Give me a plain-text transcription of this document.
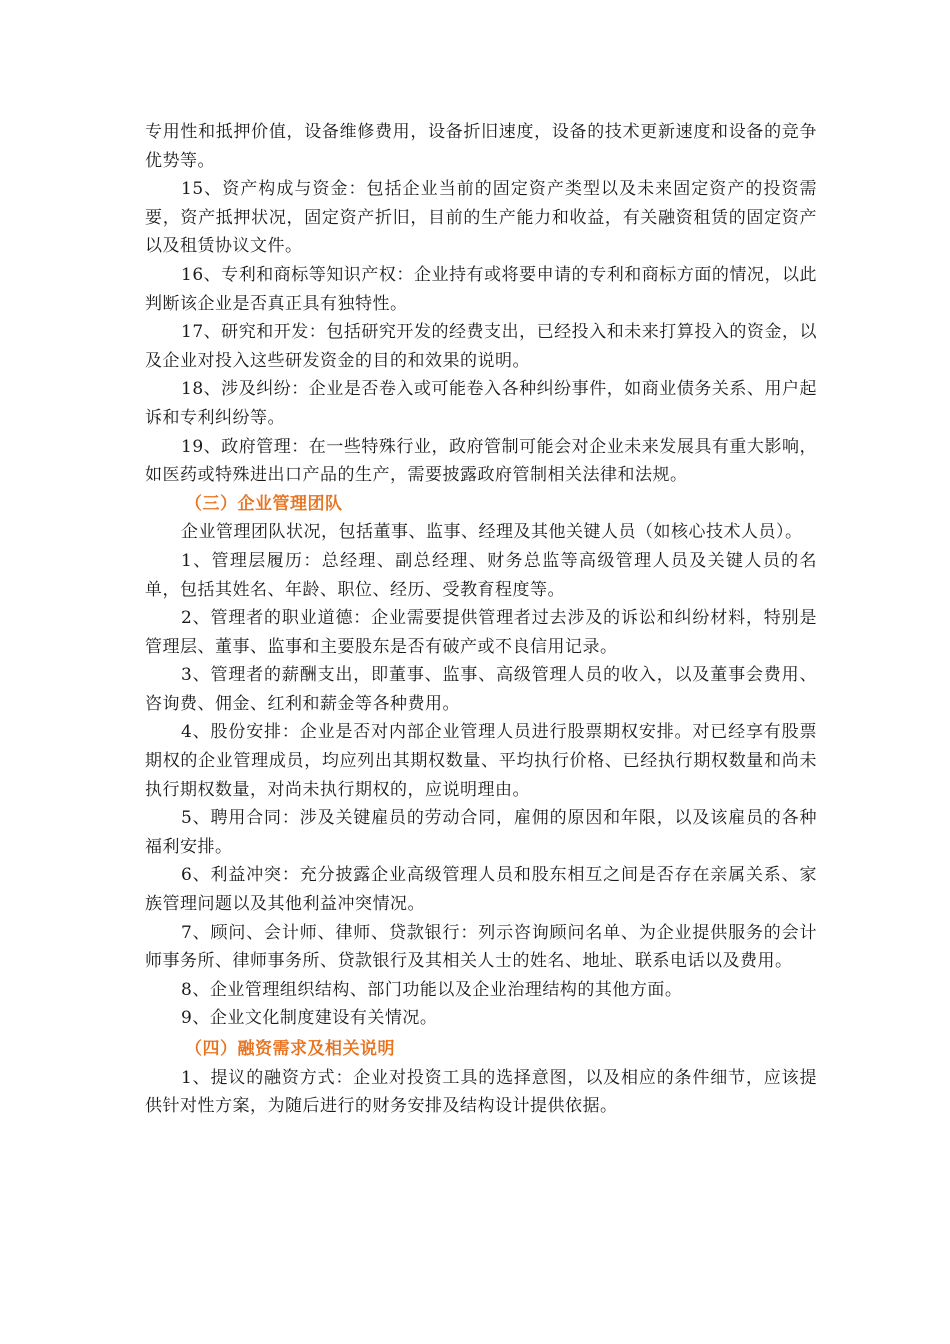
专用性和抵押价值，设备维修费用，设备折旧速度，设备的技术更新速度和设备的竞争优势等。

15、资产构成与资金：包括企业当前的固定资产类型以及未来固定资产的投资需要，资产抵押状况，固定资产折旧，目前的生产能力和收益，有关融资租赁的固定资产以及租赁协议文件。

16、专利和商标等知识产权：企业持有或将要申请的专利和商标方面的情况，以此判断该企业是否真正具有独特性。

17、研究和开发：包括研究开发的经费支出，已经投入和未来打算投入的资金，以及企业对投入这些研发资金的目的和效果的说明。

18、涉及纠纷：企业是否卷入或可能卷入各种纠纷事件，如商业债务关系、用户起诉和专利纠纷等。

19、政府管理：在一些特殊行业，政府管制可能会对企业未来发展具有重大影响，如医药或特殊进出口产品的生产，需要披露政府管制相关法律和法规。

（三）企业管理团队

企业管理团队状况，包括董事、监事、经理及其他关键人员（如核心技术人员）。

1、管理层履历：总经理、副总经理、财务总监等高级管理人员及关键人员的名单，包括其姓名、年龄、职位、经历、受教育程度等。

2、管理者的职业道德：企业需要提供管理者过去涉及的诉讼和纠纷材料，特别是管理层、董事、监事和主要股东是否有破产或不良信用记录。

3、管理者的薪酬支出，即董事、监事、高级管理人员的收入，以及董事会费用、咨询费、佣金、红利和薪金等各种费用。

4、股份安排：企业是否对内部企业管理人员进行股票期权安排。对已经享有股票期权的企业管理成员，均应列出其期权数量、平均执行价格、已经执行期权数量和尚未执行期权数量，对尚未执行期权的，应说明理由。

5、聘用合同：涉及关键雇员的劳动合同，雇佣的原因和年限，以及该雇员的各种福利安排。

6、利益冲突：充分披露企业高级管理人员和股东相互之间是否存在亲属关系、家族管理问题以及其他利益冲突情况。

7、顾问、会计师、律师、贷款银行：列示咨询顾问名单、为企业提供服务的会计师事务所、律师事务所、贷款银行及其相关人士的姓名、地址、联系电话以及费用。

8、企业管理组织结构、部门功能以及企业治理结构的其他方面。

9、企业文化制度建设有关情况。

（四）融资需求及相关说明

1、提议的融资方式：企业对投资工具的选择意图，以及相应的条件细节，应该提供针对性方案，为随后进行的财务安排及结构设计提供依据。
